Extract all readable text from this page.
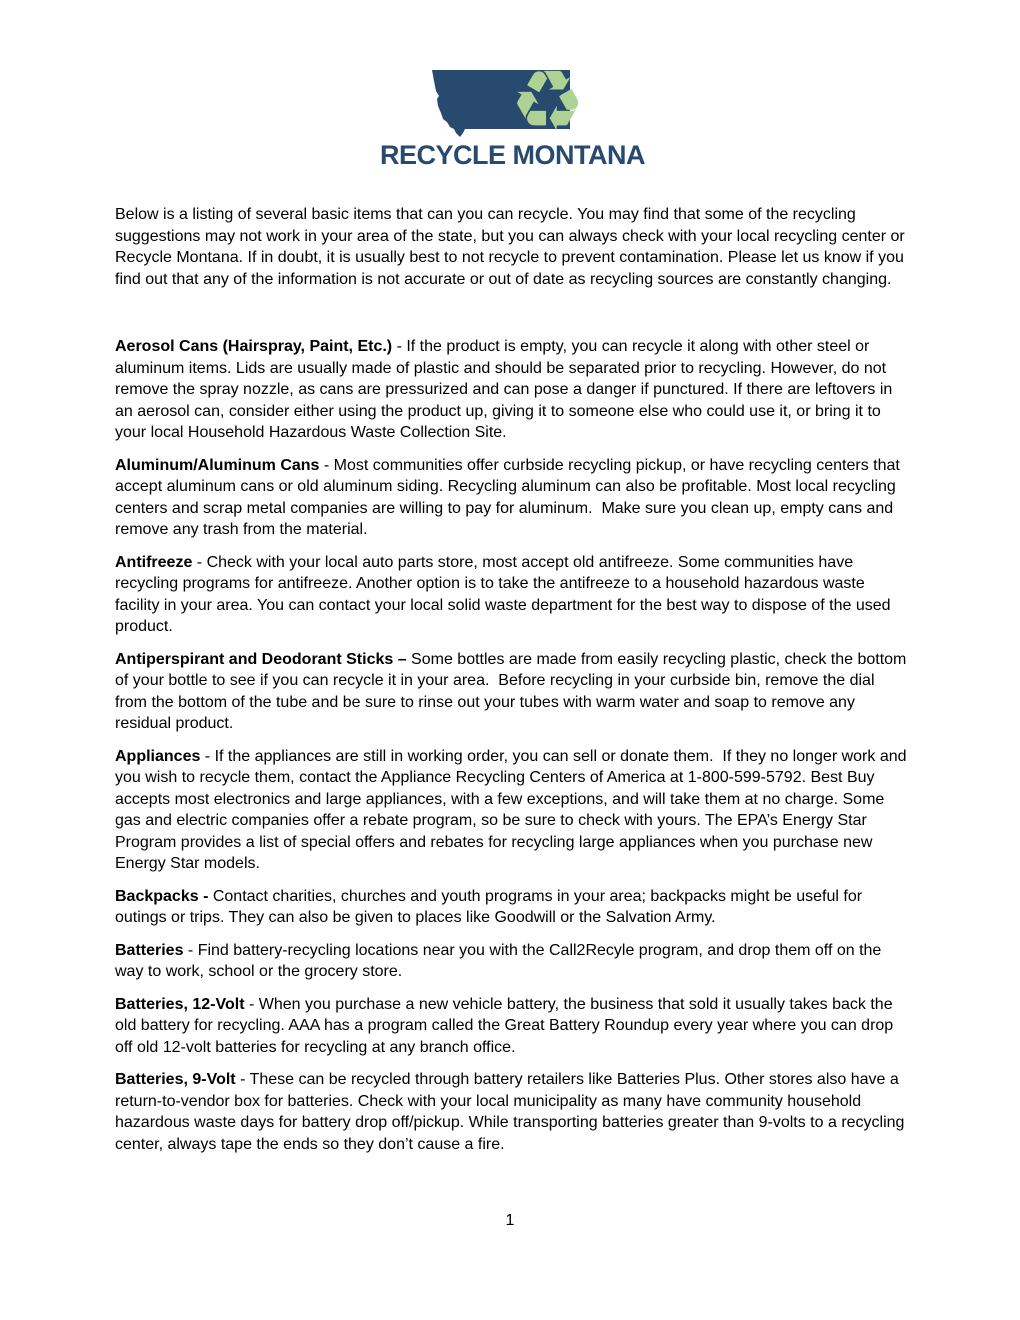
♻
RECYCLE MONTANA

Below is a listing of several basic items that can you can recycle. You may find that some of the recycling suggestions may not work in your area of the state, but you can always check with your local recycling center or Recycle Montana. If in doubt, it is usually best to not recycle to prevent contamination. Please let us know if you find out that any of the information is not accurate or out of date as recycling sources are constantly changing.

Aerosol Cans (Hairspray, Paint, Etc.) - If the product is empty, you can recycle it along with other steel or aluminum items. Lids are usually made of plastic and should be separated prior to recycling. However, do not remove the spray nozzle, as cans are pressurized and can pose a danger if punctured. If there are leftovers in an aerosol can, consider either using the product up, giving it to someone else who could use it, or bring it to your local Household Hazardous Waste Collection Site.

Aluminum/Aluminum Cans - Most communities offer curbside recycling pickup, or have recycling centers that accept aluminum cans or old aluminum siding. Recycling aluminum can also be profitable. Most local recycling centers and scrap metal companies are willing to pay for aluminum.  Make sure you clean up, empty cans and remove any trash from the material.

Antifreeze - Check with your local auto parts store, most accept old antifreeze. Some communities have recycling programs for antifreeze. Another option is to take the antifreeze to a household hazardous waste facility in your area. You can contact your local solid waste department for the best way to dispose of the used product.

Antiperspirant and Deodorant Sticks – Some bottles are made from easily recycling plastic, check the bottom of your bottle to see if you can recycle it in your area.  Before recycling in your curbside bin, remove the dial from the bottom of the tube and be sure to rinse out your tubes with warm water and soap to remove any residual product.

Appliances - If the appliances are still in working order, you can sell or donate them.  If they no longer work and you wish to recycle them, contact the Appliance Recycling Centers of America at 1-800-599-5792. Best Buy accepts most electronics and large appliances, with a few exceptions, and will take them at no charge. Some gas and electric companies offer a rebate program, so be sure to check with yours. The EPA’s Energy Star Program provides a list of special offers and rebates for recycling large appliances when you purchase new Energy Star models.

Backpacks - Contact charities, churches and youth programs in your area; backpacks might be useful for outings or trips. They can also be given to places like Goodwill or the Salvation Army.

Batteries - Find battery-recycling locations near you with the Call2Recyle program, and drop them off on the way to work, school or the grocery store.

Batteries, 12-Volt - When you purchase a new vehicle battery, the business that sold it usually takes back the old battery for recycling. AAA has a program called the Great Battery Roundup every year where you can drop off old 12-volt batteries for recycling at any branch office.

Batteries, 9-Volt - These can be recycled through battery retailers like Batteries Plus. Other stores also have a return-to-vendor box for batteries. Check with your local municipality as many have community household hazardous waste days for battery drop off/pickup. While transporting batteries greater than 9-volts to a recycling center, always tape the ends so they don’t cause a fire.

1
